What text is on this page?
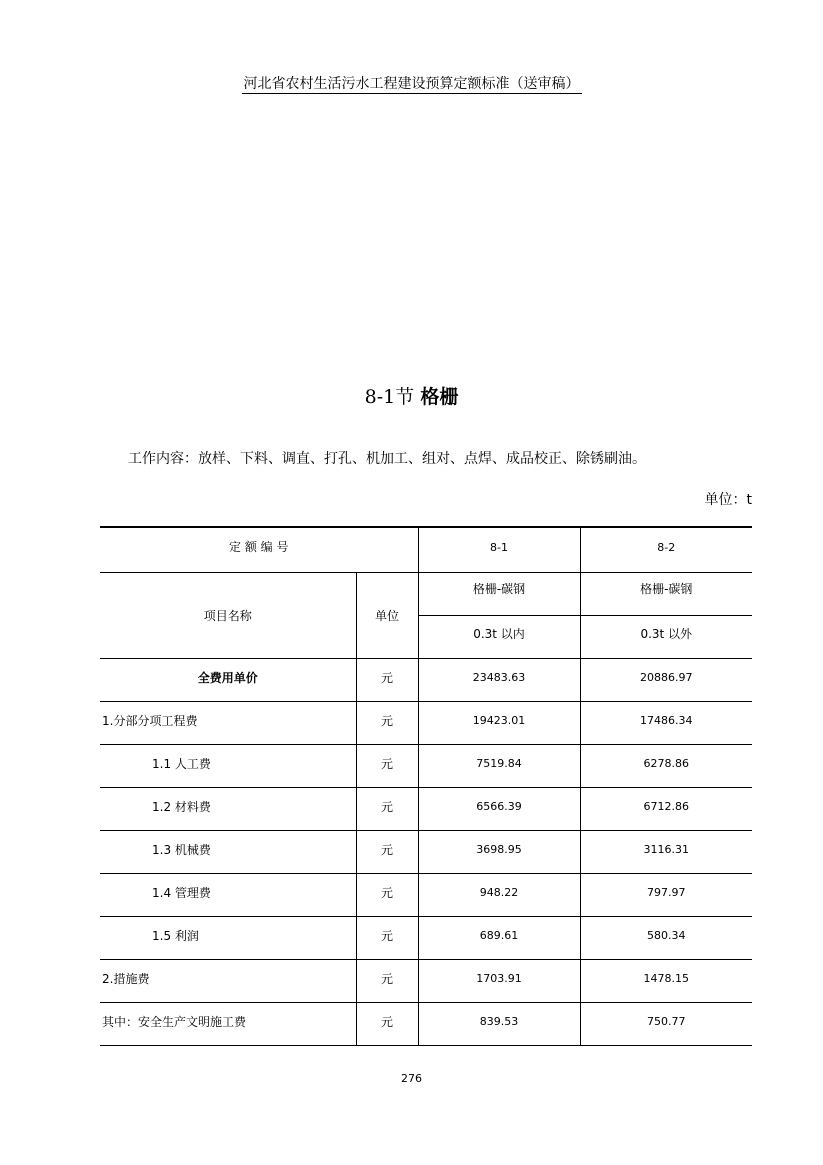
河北省农村生活污水工程建设预算定额标准（送审稿）
8-1节 格栅
工作内容：放样、下料、调直、打孔、机加工、组对、点焊、成品校正、除锈刷油。
单位：t
定 额 编 号		8-1	8-2

项目名称	单位	格栅-碳钢	格栅-碳钢

		0.3t 以内	0.3t 以外

全费用单价	元	23483.63	20886.97

1.分部分项工程费	元	19423.01	17486.34

1.1 人工费	元	7519.84	6278.86

1.2 材料费	元	6566.39	6712.86

1.3 机械费	元	3698.95	3116.31

1.4 管理费	元	948.22	797.97

1.5 利润	元	689.61	580.34

2.措施费	元	1703.91	1478.15

其中：安全生产文明施工费	元	839.53	750.77
276
